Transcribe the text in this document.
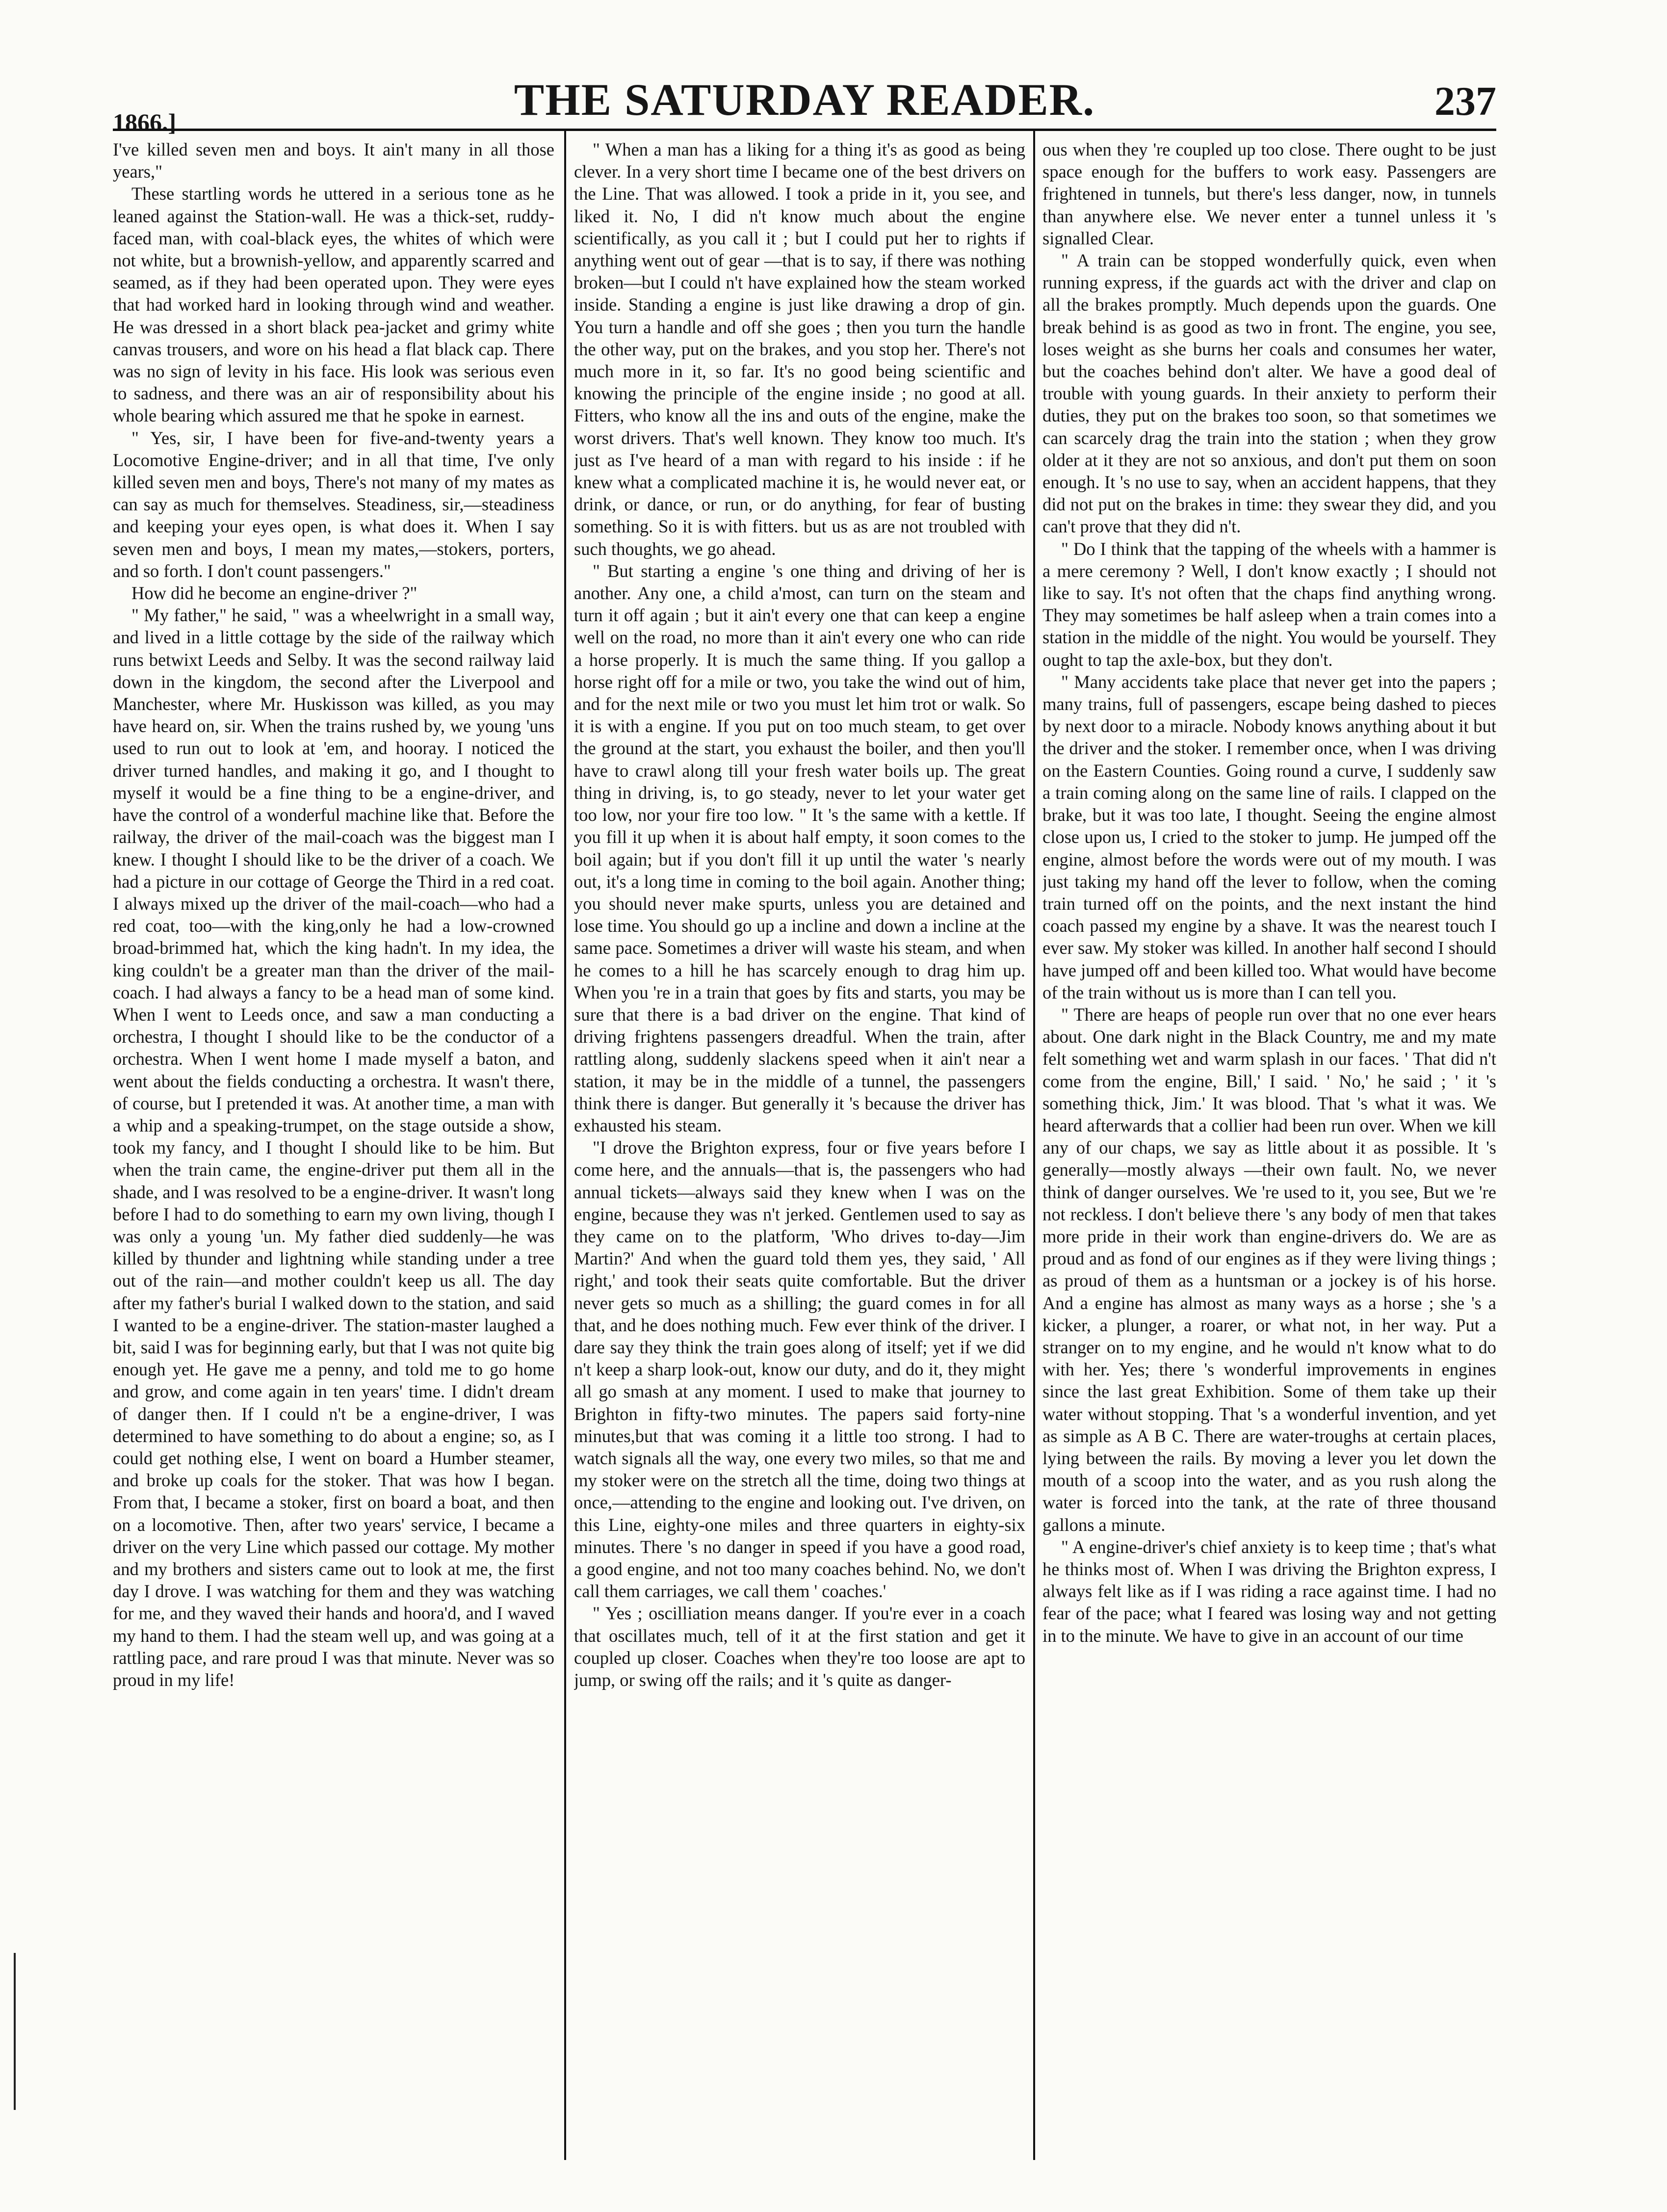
1866.]	THE SATURDAY READER.	237

I've killed seven men and boys. It ain't many in all those years,"

These startling words he uttered in a serious tone as he leaned against the Station-wall. He was a thick-set, ruddy-faced man, with coal-black eyes, the whites of which were not white, but a brownish-yellow, and apparently scarred and seamed, as if they had been operated upon. They were eyes that had worked hard in looking through wind and weather. He was dressed in a short black pea-jacket and grimy white canvas trousers, and wore on his head a flat black cap. There was no sign of levity in his face. His look was serious even to sadness, and there was an air of responsibility about his whole bearing which assured me that he spoke in earnest.

" Yes, sir, I have been for five-and-twenty years a Locomotive Engine-driver; and in all that time, I've only killed seven men and boys, There's not many of my mates as can say as much for themselves. Steadiness, sir,—steadiness and keeping your eyes open, is what does it. When I say seven men and boys, I mean my mates,—stokers, porters, and so forth. I don't count passengers."

How did he become an engine-driver ?"

" My father," he said, " was a wheelwright in a small way, and lived in a little cottage by the side of the railway which runs betwixt Leeds and Selby. It was the second railway laid down in the kingdom, the second after the Liverpool and Manchester, where Mr. Huskisson was killed, as you may have heard on, sir. When the trains rushed by, we young 'uns used to run out to look at 'em, and hooray. I noticed the driver turned handles, and making it go, and I thought to myself it would be a fine thing to be a engine-driver, and have the control of a wonderful machine like that. Before the railway, the driver of the mail-coach was the biggest man I knew. I thought I should like to be the driver of a coach. We had a picture in our cottage of George the Third in a red coat. I always mixed up the driver of the mail-coach—who had a red coat, too—with the king,only he had a low-crowned broad-brimmed hat, which the king hadn't. In my idea, the king couldn't be a greater man than the driver of the mail-coach. I had always a fancy to be a head man of some kind. When I went to Leeds once, and saw a man conducting a orchestra, I thought I should like to be the conductor of a orchestra. When I went home I made myself a baton, and went about the fields conducting a orchestra. It wasn't there, of course, but I pretended it was. At another time, a man with a whip and a speaking-trumpet, on the stage outside a show, took my fancy, and I thought I should like to be him. But when the train came, the engine-driver put them all in the shade, and I was resolved to be a engine-driver. It wasn't long before I had to do something to earn my own living, though I was only a young 'un. My father died suddenly—he was killed by thunder and lightning while standing under a tree out of the rain—and mother couldn't keep us all. The day after my father's burial I walked down to the station, and said I wanted to be a engine-driver. The station-master laughed a bit, said I was for beginning early, but that I was not quite big enough yet. He gave me a penny, and told me to go home and grow, and come again in ten years' time. I didn't dream of danger then. If I could n't be a engine-driver, I was determined to have something to do about a engine; so, as I could get nothing else, I went on board a Humber steamer, and broke up coals for the stoker. That was how I began. From that, I became a stoker, first on board a boat, and then on a locomotive. Then, after two years' service, I became a driver on the very Line which passed our cottage. My mother and my brothers and sisters came out to look at me, the first day I drove. I was watching for them and they was watching for me, and they waved their hands and hoora'd, and I waved my hand to them. I had the steam well up, and was going at a rattling pace, and rare proud I was that minute. Never was so proud in my life!

" When a man has a liking for a thing it's as good as being clever. In a very short time I became one of the best drivers on the Line. That was allowed. I took a pride in it, you see, and liked it. No, I did n't know much about the engine scientifically, as you call it ; but I could put her to rights if anything went out of gear —that is to say, if there was nothing broken—but I could n't have explained how the steam worked inside. Standing a engine is just like drawing a drop of gin. You turn a handle and off she goes ; then you turn the handle the other way, put on the brakes, and you stop her. There's not much more in it, so far. It's no good being scientific and knowing the principle of the engine inside ; no good at all. Fitters, who know all the ins and outs of the engine, make the worst drivers. That's well known. They know too much. It's just as I've heard of a man with regard to his inside : if he knew what a complicated machine it is, he would never eat, or drink, or dance, or run, or do anything, for fear of busting something. So it is with fitters. but us as are not troubled with such thoughts, we go ahead.

" But starting a engine 's one thing and driving of her is another. Any one, a child a'most, can turn on the steam and turn it off again ; but it ain't every one that can keep a engine well on the road, no more than it ain't every one who can ride a horse properly. It is much the same thing. If you gallop a horse right off for a mile or two, you take the wind out of him, and for the next mile or two you must let him trot or walk. So it is with a engine. If you put on too much steam, to get over the ground at the start, you exhaust the boiler, and then you'll have to crawl along till your fresh water boils up. The great thing in driving, is, to go steady, never to let your water get too low, nor your fire too low. " It 's the same with a kettle. If you fill it up when it is about half empty, it soon comes to the boil again; but if you don't fill it up until the water 's nearly out, it's a long time in coming to the boil again. Another thing; you should never make spurts, unless you are detained and lose time. You should go up a incline and down a incline at the same pace. Sometimes a driver will waste his steam, and when he comes to a hill he has scarcely enough to drag him up. When you 're in a train that goes by fits and starts, you may be sure that there is a bad driver on the engine. That kind of driving frightens passengers dreadful. When the train, after rattling along, suddenly slackens speed when it ain't near a station, it may be in the middle of a tunnel, the passengers think there is danger. But generally it 's because the driver has exhausted his steam.

"I drove the Brighton express, four or five years before I come here, and the annuals—that is, the passengers who had annual tickets—always said they knew when I was on the engine, because they was n't jerked. Gentlemen used to say as they came on to the platform, 'Who drives to-day—Jim Martin?' And when the guard told them yes, they said, ' All right,' and took their seats quite comfortable. But the driver never gets so much as a shilling; the guard comes in for all that, and he does nothing much. Few ever think of the driver. I dare say they think the train goes along of itself; yet if we did n't keep a sharp look-out, know our duty, and do it, they might all go smash at any moment. I used to make that journey to Brighton in fifty-two minutes. The papers said forty-nine minutes,but that was coming it a little too strong. I had to watch signals all the way, one every two miles, so that me and my stoker were on the stretch all the time, doing two things at once,—attending to the engine and looking out. I've driven, on this Line, eighty-one miles and three quarters in eighty-six minutes. There 's no danger in speed if you have a good road, a good engine, and not too many coaches behind. No, we don't call them carriages, we call them ' coaches.'

" Yes ; oscilliation means danger. If you're ever in a coach that oscillates much, tell of it at the first station and get it coupled up closer. Coaches when they're too loose are apt to jump, or swing off the rails; and it 's quite as danger-

ous when they 're coupled up too close. There ought to be just space enough for the buffers to work easy. Passengers are frightened in tunnels, but there's less danger, now, in tunnels than anywhere else. We never enter a tunnel unless it 's signalled Clear.

" A train can be stopped wonderfully quick, even when running express, if the guards act with the driver and clap on all the brakes promptly. Much depends upon the guards. One break behind is as good as two in front. The engine, you see, loses weight as she burns her coals and consumes her water, but the coaches behind don't alter. We have a good deal of trouble with young guards. In their anxiety to perform their duties, they put on the brakes too soon, so that sometimes we can scarcely drag the train into the station ; when they grow older at it they are not so anxious, and don't put them on soon enough. It 's no use to say, when an accident happens, that they did not put on the brakes in time: they swear they did, and you can't prove that they did n't.

" Do I think that the tapping of the wheels with a hammer is a mere ceremony ? Well, I don't know exactly ; I should not like to say. It's not often that the chaps find anything wrong. They may sometimes be half asleep when a train comes into a station in the middle of the night. You would be yourself. They ought to tap the axle-box, but they don't.

" Many accidents take place that never get into the papers ; many trains, full of passengers, escape being dashed to pieces by next door to a miracle. Nobody knows anything about it but the driver and the stoker. I remember once, when I was driving on the Eastern Counties. Going round a curve, I suddenly saw a train coming along on the same line of rails. I clapped on the brake, but it was too late, I thought. Seeing the engine almost close upon us, I cried to the stoker to jump. He jumped off the engine, almost before the words were out of my mouth. I was just taking my hand off the lever to follow, when the coming train turned off on the points, and the next instant the hind coach passed my engine by a shave. It was the nearest touch I ever saw. My stoker was killed. In another half second I should have jumped off and been killed too. What would have become of the train without us is more than I can tell you.

" There are heaps of people run over that no one ever hears about. One dark night in the Black Country, me and my mate felt something wet and warm splash in our faces. ' That did n't come from the engine, Bill,' I said. ' No,' he said ; ' it 's something thick, Jim.' It was blood. That 's what it was. We heard afterwards that a collier had been run over. When we kill any of our chaps, we say as little about it as possible. It 's generally—mostly always —their own fault. No, we never think of danger ourselves. We 're used to it, you see, But we 're not reckless. I don't believe there 's any body of men that takes more pride in their work than engine-drivers do. We are as proud and as fond of our engines as if they were living things ; as proud of them as a huntsman or a jockey is of his horse. And a engine has almost as many ways as a horse ; she 's a kicker, a plunger, a roarer, or what not, in her way. Put a stranger on to my engine, and he would n't know what to do with her. Yes; there 's wonderful improvements in engines since the last great Exhibition. Some of them take up their water without stopping. That 's a wonderful invention, and yet as simple as A B C. There are water-troughs at certain places, lying between the rails. By moving a lever you let down the mouth of a scoop into the water, and as you rush along the water is forced into the tank, at the rate of three thousand gallons a minute.

" A engine-driver's chief anxiety is to keep time ; that's what he thinks most of. When I was driving the Brighton express, I always felt like as if I was riding a race against time. I had no fear of the pace; what I feared was losing way and not getting in to the minute. We have to give in an account of our time
